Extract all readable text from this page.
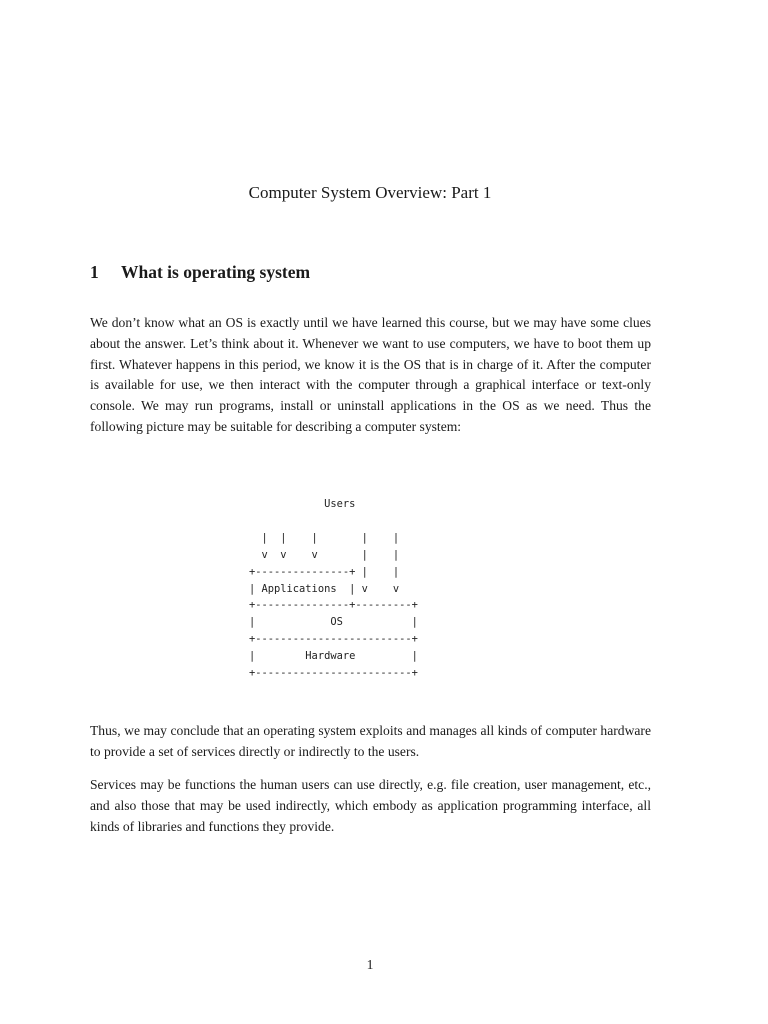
Computer System Overview: Part 1
1 What is operating system

We don’t know what an OS is exactly until we have learned this course, but we may have some clues about the answer. Let’s think about it. Whenever we want to use computers, we have to boot them up first. Whatever happens in this period, we know it is the OS that is in charge of it. After the computer is available for use, we then interact with the computer through a graphical interface or text-only console. We may run programs, install or uninstall applications in the OS as we need. Thus the following picture may be suitable for describing a computer system:

Users

|  |    |       |    |
v  v    v       |    |
+---------------+ |    |
| Applications  | v    v
+---------------+---------+
|            OS           |
+-------------------------+
|        Hardware         |
+-------------------------+

Thus, we may conclude that an operating system exploits and manages all kinds of computer hardware to provide a set of services directly or indirectly to the users.

Services may be functions the human users can use directly, e.g. file creation, user management, etc., and also those that may be used indirectly, which embody as application programming interface, all kinds of libraries and functions they provide.

1
